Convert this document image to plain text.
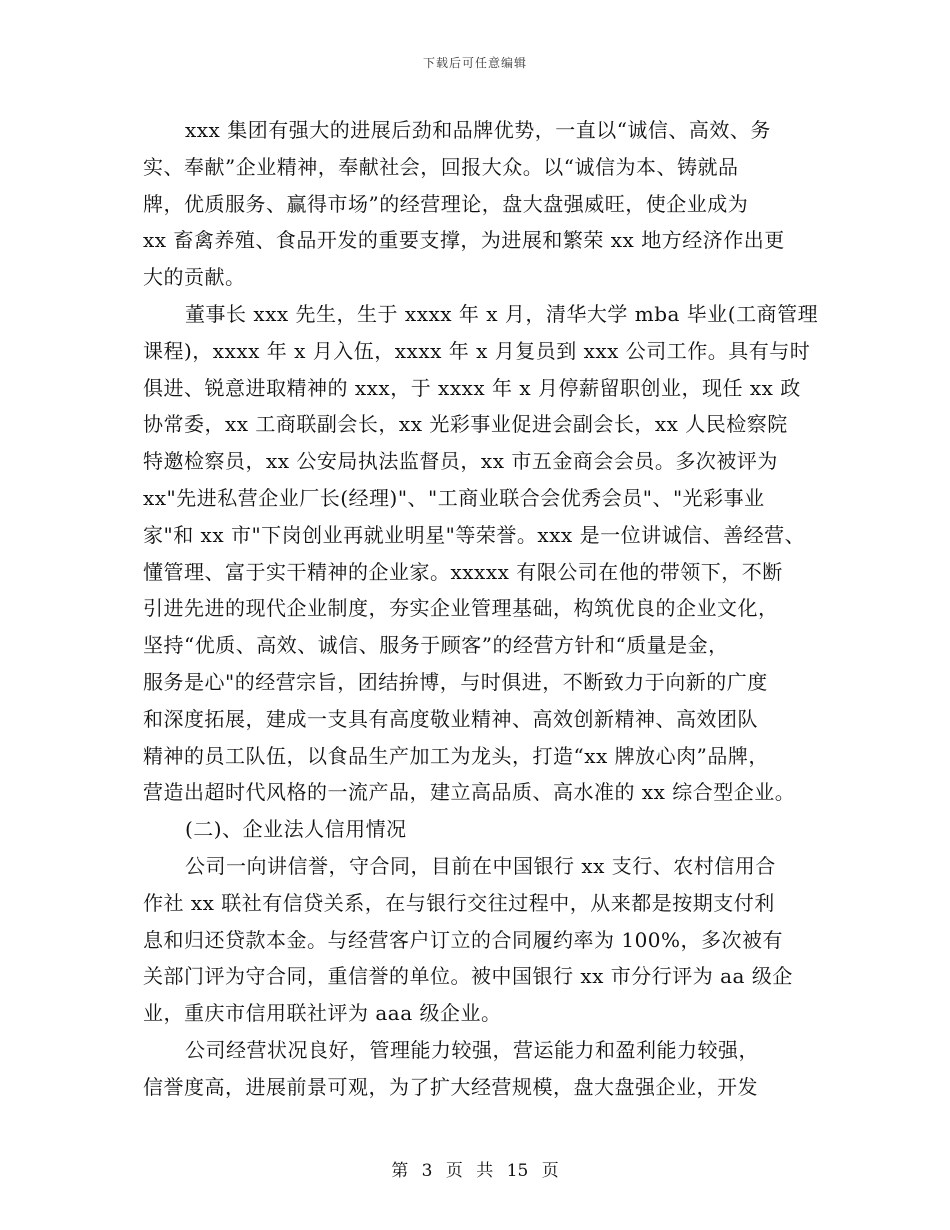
下载后可任意编辑
xxx 集团有强大的进展后劲和品牌优势，一直以“诚信、高效、务
实、奉献”企业精神，奉献社会，回报大众。以“诚信为本、铸就品
牌，优质服务、赢得市场”的经营理论，盘大盘强威旺，使企业成为
xx 畜禽养殖、食品开发的重要支撑，为进展和繁荣 xx 地方经济作出更
大的贡献。
董事长 xxx 先生，生于 xxxx 年 x 月，清华大学 mba 毕业(工商管理
课程)，xxxx 年 x 月入伍，xxxx 年 x 月复员到 xxx 公司工作。具有与时
俱进、锐意进取精神的 xxx，于 xxxx 年 x 月停薪留职创业，现任 xx 政
协常委，xx 工商联副会长，xx 光彩事业促进会副会长，xx 人民检察院
特邀检察员，xx 公安局执法监督员，xx 市五金商会会员。多次被评为
xx"先进私营企业厂长(经理)"、"工商业联合会优秀会员"、"光彩事业
家"和 xx 市"下岗创业再就业明星"等荣誉。xxx 是一位讲诚信、善经营、
懂管理、富于实干精神的企业家。xxxxx 有限公司在他的带领下，不断
引进先进的现代企业制度，夯实企业管理基础，构筑优良的企业文化，
坚持“优质、高效、诚信、服务于顾客”的经营方针和“质量是金，
服务是心"的经营宗旨，团结拚博，与时俱进，不断致力于向新的广度
和深度拓展，建成一支具有高度敬业精神、高效创新精神、高效团队
精神的员工队伍，以食品生产加工为龙头，打造“xx 牌放心肉”品牌，
营造出超时代风格的一流产品，建立高品质、高水准的 xx 综合型企业。
(二)、企业法人信用情况
公司一向讲信誉，守合同，目前在中国银行 xx 支行、农村信用合
作社 xx 联社有信贷关系，在与银行交往过程中，从来都是按期支付利
息和归还贷款本金。与经营客户订立的合同履约率为 100%，多次被有
关部门评为守合同，重信誉的单位。被中国银行 xx 市分行评为 aa 级企
业，重庆市信用联社评为 aaa 级企业。
公司经营状况良好，管理能力较强，营运能力和盈利能力较强，
信誉度高，进展前景可观，为了扩大经营规模，盘大盘强企业，开发
第 3 页 共 15 页
